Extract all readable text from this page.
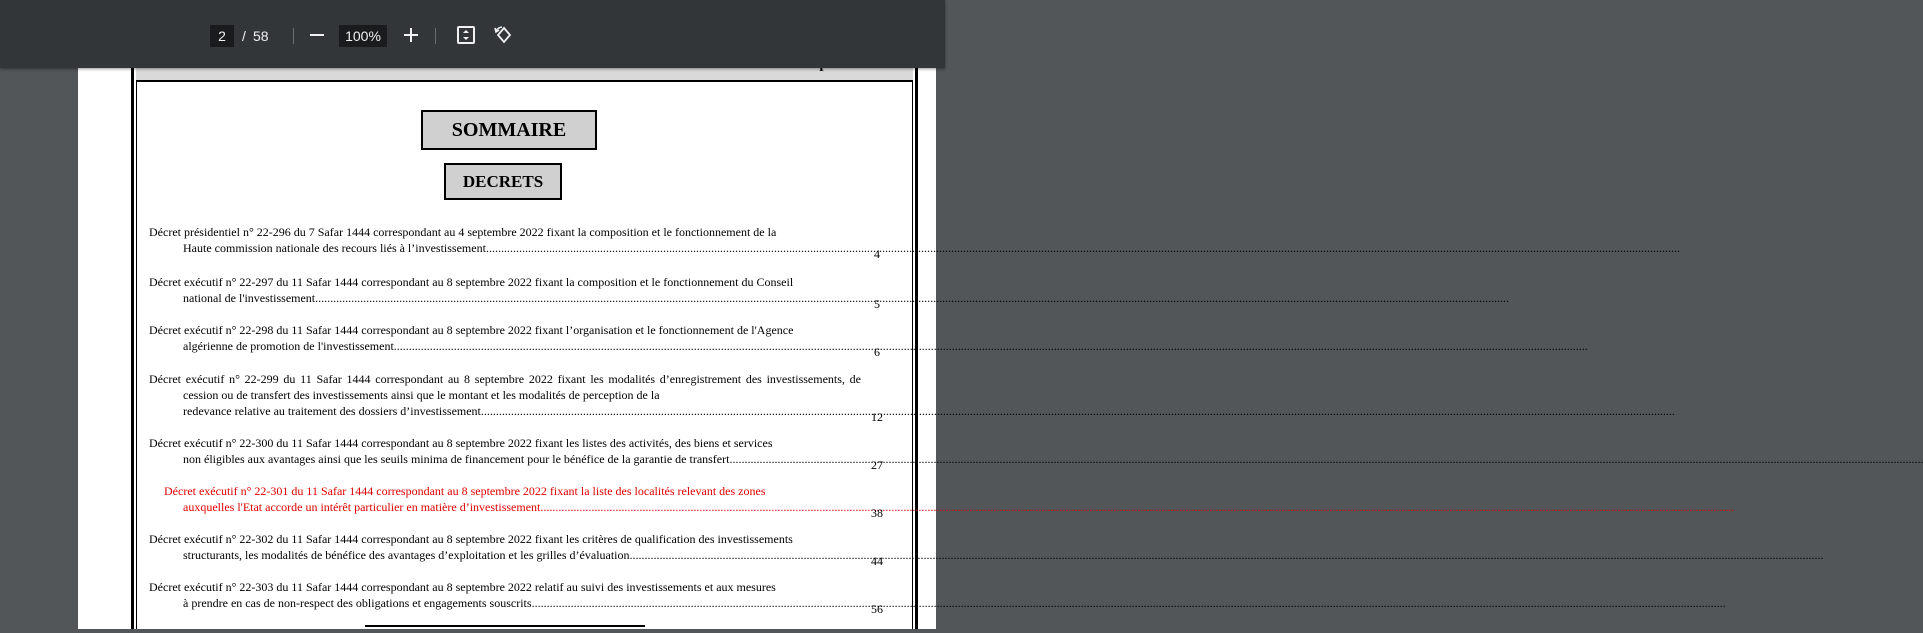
2	/ 58	100%
SOMMAIRE
DECRETS
Décret présidentiel n° 22-296 du 7 Safar 1444 correspondant au 4 septembre 2022 fixant la composition et le fonctionnement de la
Haute commission nationale des recours liés à l’investissement .....	4
Décret exécutif n° 22-297 du 11 Safar 1444 correspondant au 8 septembre 2022 fixant la composition et le fonctionnement du Conseil
national de l'investissement .....	5
Décret exécutif n° 22-298 du 11 Safar 1444 correspondant au 8 septembre 2022 fixant l’organisation et le fonctionnement de l'Agence
algérienne de promotion de l'investissement .....	6
Décret exécutif n° 22-299 du 11 Safar 1444 correspondant au 8 septembre 2022 fixant les modalités d’enregistrement des investissements, de cession ou de transfert des investissements ainsi que le montant et les modalités de perception de la
redevance relative au traitement des dossiers d’investissement .....	12
Décret exécutif n° 22-300 du 11 Safar 1444 correspondant au 8 septembre 2022 fixant les listes des activités, des biens et services
non éligibles aux avantages ainsi que les seuils minima de financement pour le bénéfice de la garantie de transfert .....	27
Décret exécutif n° 22-301 du 11 Safar 1444 correspondant au 8 septembre 2022 fixant la liste des localités relevant des zones
auxquelles l'Etat accorde un intérêt particulier en matière d’investissement .....	38
Décret exécutif n° 22-302 du 11 Safar 1444 correspondant au 8 septembre 2022 fixant les critères de qualification des investissements
structurants, les modalités de bénéfice des avantages d’exploitation et les grilles d’évaluation .....	44
Décret exécutif n° 22-303 du 11 Safar 1444 correspondant au 8 septembre 2022 relatif au suivi des investissements et aux mesures
à prendre en cas de non-respect des obligations et engagements souscrits .....	56
